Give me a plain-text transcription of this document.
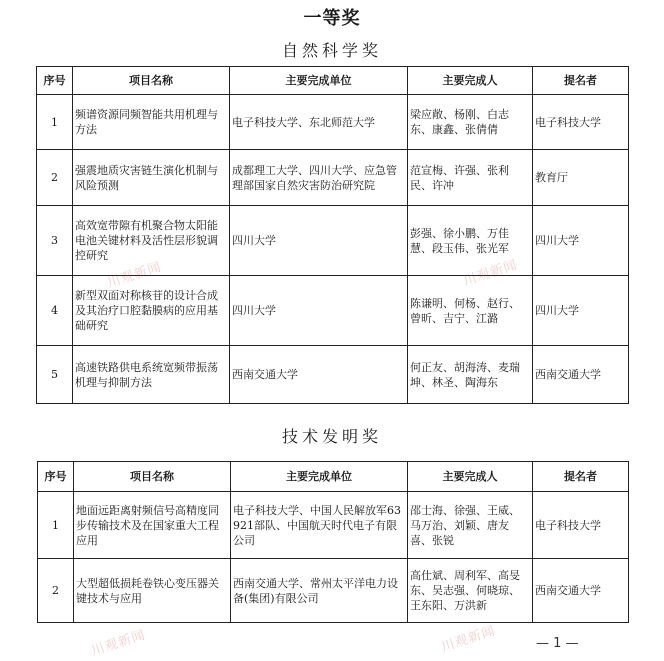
一等奖
自然科学奖
序号	项目名称	主要完成单位	主要完成人	提名者
1	频谱资源同频智能共用机理与方法	电子科技大学、东北师范大学	梁应敞、杨刚、白志东、康鑫、张倩倩	电子科技大学
2	强震地质灾害链生演化机制与风险预测	成都理工大学、四川大学、应急管理部国家自然灾害防治研究院	范宣梅、许强、张利民、许冲	教育厅
3	高效宽带隙有机聚合物太阳能电池关键材料及活性层形貌调控研究	四川大学	彭强、徐小鹏、万佳慧、段玉伟、张光军	四川大学
4	新型双面对称核苷的设计合成及其治疗口腔黏膜病的应用基础研究	四川大学	陈谦明、何杨、赵行、曾昕、吉宁、江潞	四川大学
5	高速铁路供电系统宽频带振荡机理与抑制方法	西南交通大学	何正友、胡海涛、麦瑞坤、林圣、陶海东	西南交通大学
技术发明奖
序号	项目名称	主要完成单位	主要完成人	提名者
1	地面远距离射频信号高精度同步传输技术及在国家重大工程应用	电子科技大学、中国人民解放军63921部队、中国航天时代电子有限公司	邵士海、徐强、王威、马万治、刘颖、唐友喜、张锐	电子科技大学
2	大型超低损耗卷铁心变压器关键技术与应用	西南交通大学、常州太平洋电力设备(集团)有限公司	高仕斌、周利军、高旻东、吴志强、何晓琼、王东阳、万洪新	西南交通大学
川观新闻	川观新闻
川观新闻
川观新闻	— 1 —
